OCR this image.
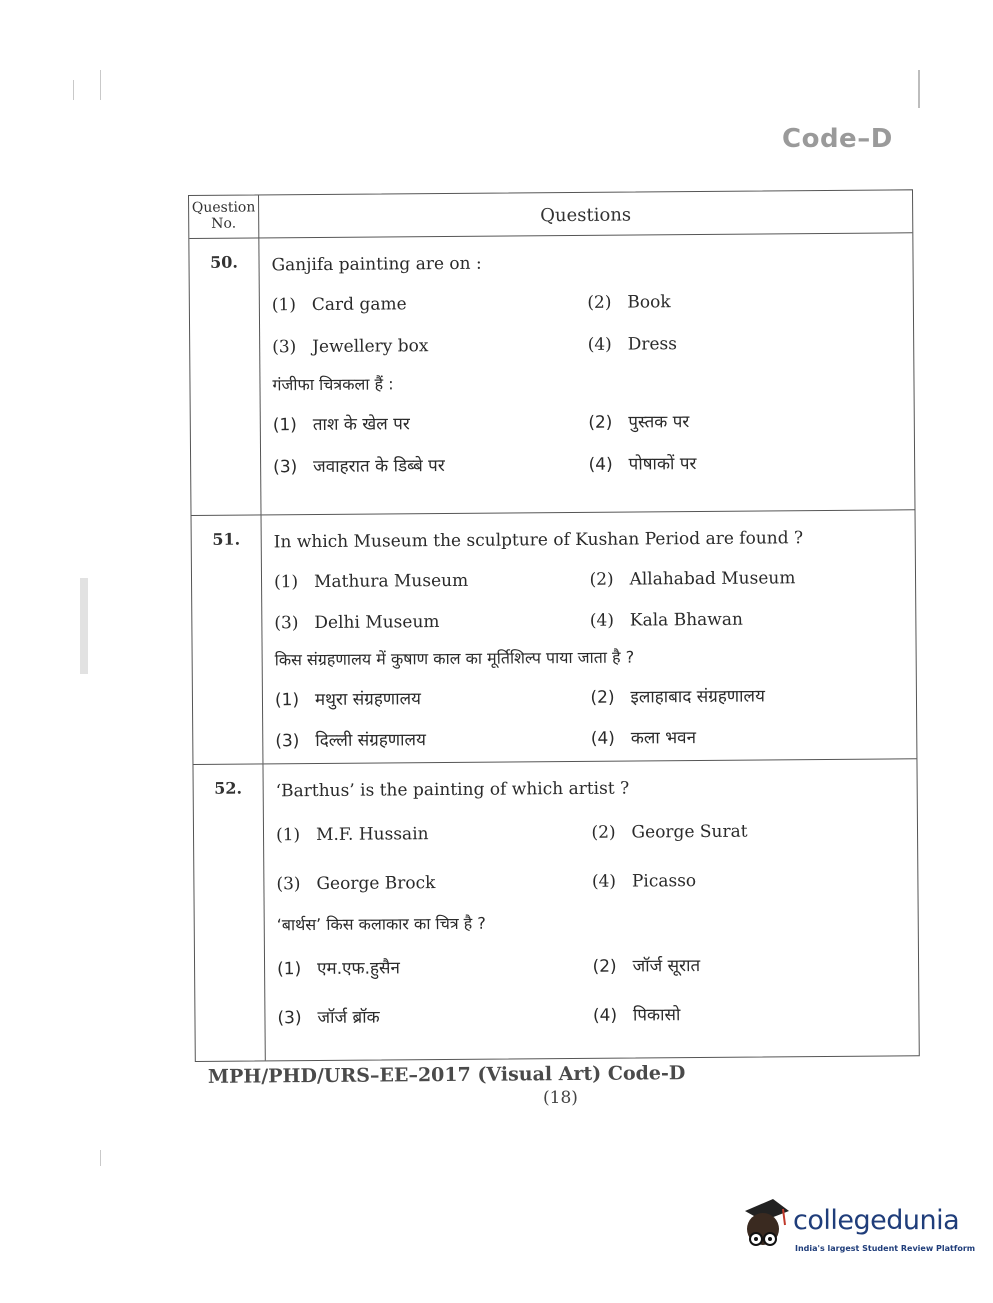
Code–D
Question No.	Questions
50.	Ganjifa painting are on :
(1) Card game	(2) Book
(3) Jewellery box	(4) Dress
गंजीफा चित्रकला हैं :
(1) ताश के खेल पर	(2) पुस्तक पर
(3) जवाहरात के डिब्बे पर	(4) पोषाकों पर
51.	In which Museum the sculpture of Kushan Period are found ?
(1) Mathura Museum	(2) Allahabad Museum
(3) Delhi Museum	(4) Kala Bhawan
किस संग्रहणालय में कुषाण काल का मूर्तिशिल्प पाया जाता है ?
(1) मथुरा संग्रहणालय	(2) इलाहाबाद संग्रहणालय
(3) दिल्ली संग्रहणालय	(4) कला भवन
52.	‘Barthus’ is the painting of which artist ?
(1) M.F. Hussain	(2) George Surat
(3) George Brock	(4) Picasso
‘बार्थस’ किस कलाकार का चित्र है ?
(1) एम.एफ.हुसैन	(2) जॉर्ज सूरात
(3) जॉर्ज ब्रॉक	(4) पिकासो
MPH/PHD/URS–EE–2017 (Visual Art) Code-D
(18)
collegedunia
India's largest Student Review Platform
